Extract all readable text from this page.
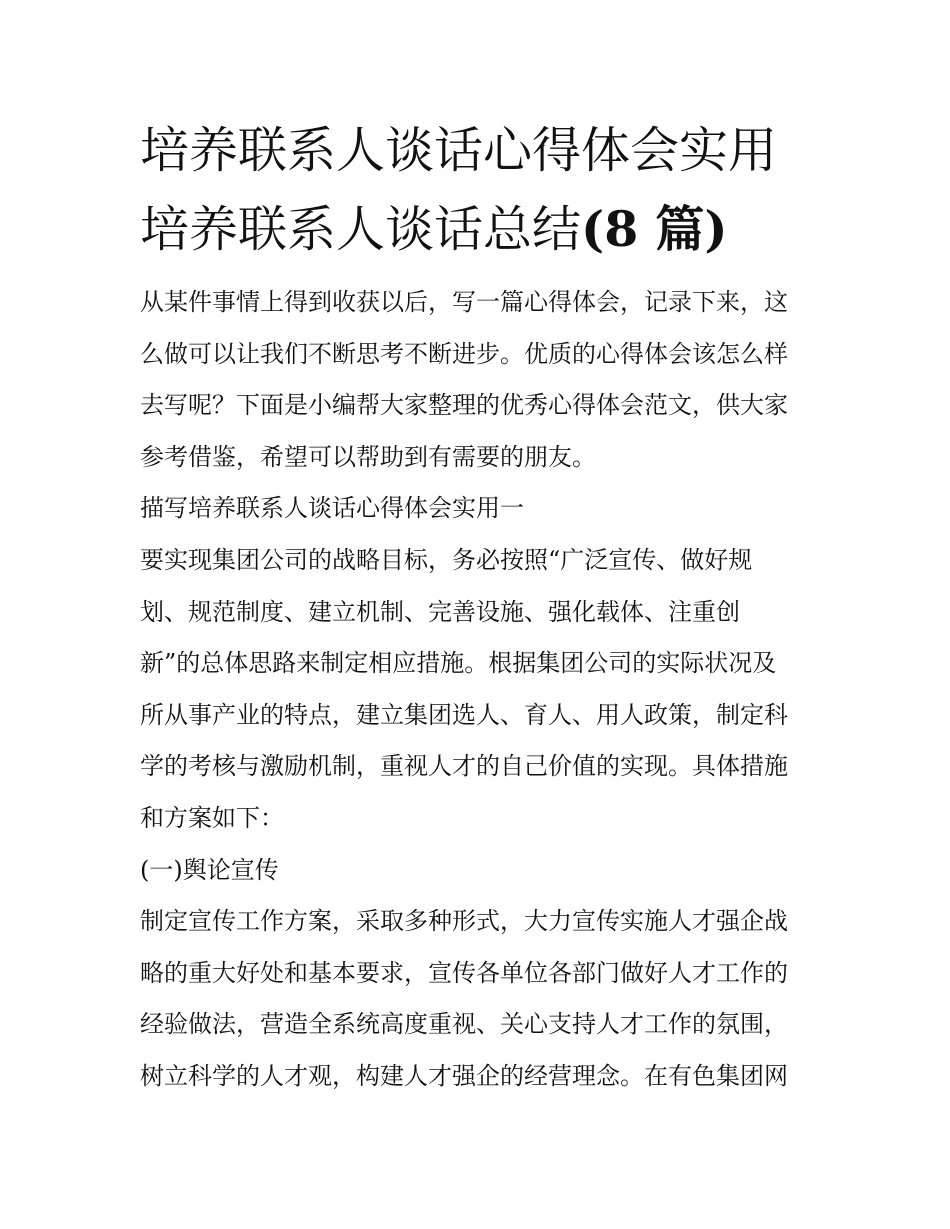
培养联系人谈话心得体会实用
培养联系人谈话总结(8 篇)

从某件事情上得到收获以后，写一篇心得体会，记录下来，这

么做可以让我们不断思考不断进步。优质的心得体会该怎么样

去写呢？下面是小编帮大家整理的优秀心得体会范文，供大家

参考借鉴，希望可以帮助到有需要的朋友。

描写培养联系人谈话心得体会实用一

要实现集团公司的战略目标，务必按照“广泛宣传、做好规

划、规范制度、建立机制、完善设施、强化载体、注重创

新”的总体思路来制定相应措施。根据集团公司的实际状况及

所从事产业的特点，建立集团选人、育人、用人政策，制定科

学的考核与激励机制，重视人才的自己价值的实现。具体措施

和方案如下：

(一)舆论宣传

制定宣传工作方案，采取多种形式，大力宣传实施人才强企战

略的重大好处和基本要求，宣传各单位各部门做好人才工作的

经验做法，营造全系统高度重视、关心支持人才工作的氛围，

树立科学的人才观，构建人才强企的经营理念。在有色集团网
